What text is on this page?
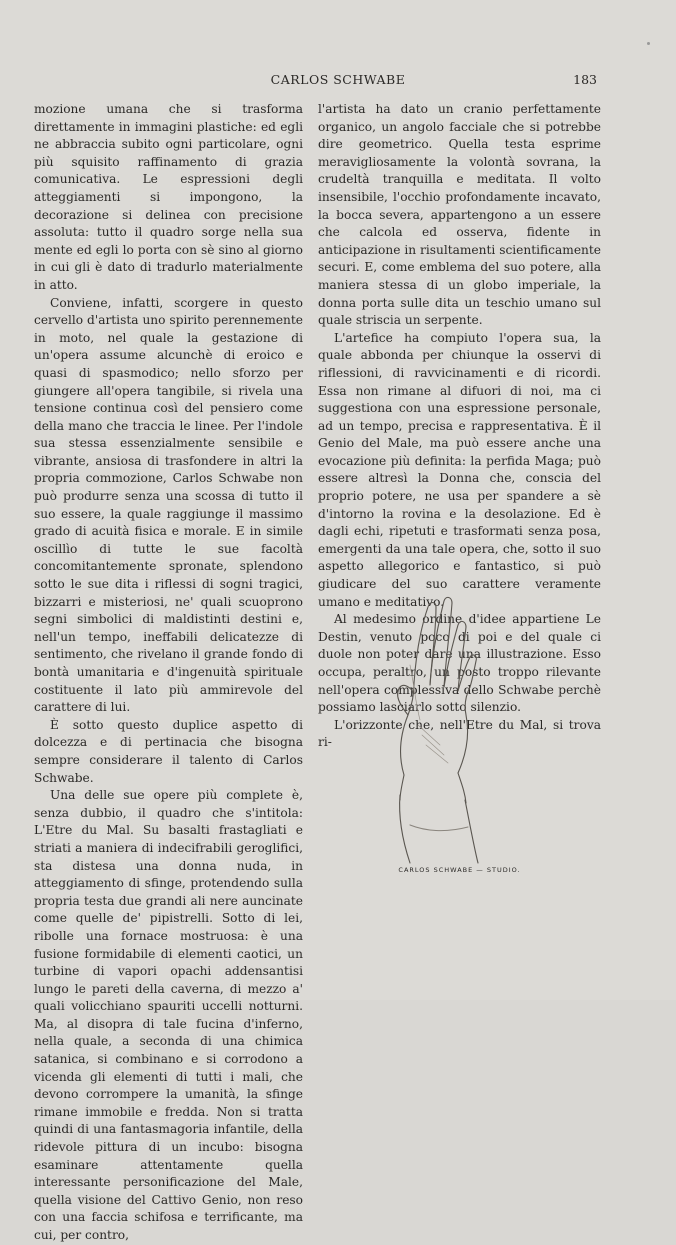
CARLOS SCHWABE	183

mozione umana che si trasforma direttamente in immagini plastiche: ed egli ne abbraccia subito ogni particolare, ogni più squisito raffinamento di grazia comunicativa. Le espressioni degli atteggiamenti si impongono, la decorazione si delinea con precisione assoluta: tutto il quadro sorge nella sua mente ed egli lo porta con sè sino al giorno in cui gli è dato di tradurlo materialmente in atto.

Conviene, infatti, scorgere in questo cervello d'artista uno spirito perennemente in moto, nel quale la gestazione di un'opera assume alcunchè di eroico e quasi di spasmodico; nello sforzo per giungere all'opera tangibile, si rivela una tensione continua così del pensiero come della mano che traccia le linee. Per l'indole sua stessa essenzialmente sensibile e vibrante, ansiosa di trasfondere in altri la propria commozione, Carlos Schwabe non può produrre senza una scossa di tutto il suo essere, la quale raggiunge il massimo grado di acuità fisica e morale. E in simile oscillìo di tutte le sue facoltà concomitantemente spronate, splendono sotto le sue dita i riflessi di sogni tragici, bizzarri e misteriosi, ne' quali scuoprono segni simbolici di maldistinti destini e, nell'un tempo, ineffabili delicatezze di sentimento, che rivelano il grande fondo di bontà umanitaria e d'ingenuità spirituale costituente il lato più ammirevole del carattere di lui.

È sotto questo duplice aspetto di dolcezza e di pertinacia che bisogna sempre considerare il talento di Carlos Schwabe.

Una delle sue opere più complete è, senza dubbio, il quadro che s'intitola: L'Etre du Mal. Su basalti frastagliati e striati a maniera di indecifrabili geroglifici, sta distesa una donna nuda, in atteggiamento di sfinge, protendendo sulla propria testa due grandi ali nere auncinate come quelle de' pipistrelli. Sotto di lei, ribolle una fornace mostruosa: è una fusione formidabile di elementi caotici, un turbine di vapori opachi addensantisi lungo le pareti della caverna, di mezzo a' quali volicchiano spauriti uccelli notturni. Ma, al disopra di tale fucina d'inferno, nella quale, a seconda di una chimica satanica, si combinano e si corrodono a vicenda gli elementi di tutti i mali, che devono corrompere la umanità, la sfinge rimane immobile e fredda. Non si tratta quindi di una fantasmagoria infantile, della ridevole pittura di un incubo: bisogna esaminare attentamente quella interessante personificazione del Male, quella visione del Cattivo Genio, non reso con una faccia schifosa e terrificante, ma cui, per contro,

l'artista ha dato un cranio perfettamente organico, un angolo facciale che si potrebbe dire geometrico. Quella testa esprime meravigliosamente la volontà sovrana, la crudeltà tranquilla e meditata. Il volto insensibile, l'occhio profondamente incavato, la bocca severa, appartengono a un essere che calcola ed osserva, fidente in anticipazione in risultamenti scientificamente securi. E, come emblema del suo potere, alla maniera stessa di un globo imperiale, la donna porta sulle dita un teschio umano sul quale striscia un serpente.

L'artefice ha compiuto l'opera sua, la quale abbonda per chiunque la osservi di riflessioni, di ravvicinamenti e di ricordi. Essa non rimane al difuori di noi, ma ci suggestiona con una espressione personale, ad un tempo, precisa e rappresentativa. È il Genio del Male, ma può essere anche una evocazione più definita: la perfida Maga; può essere altresì la Donna che, conscia del proprio potere, ne usa per spandere a sè d'intorno la rovina e la desolazione. Ed è dagli echi, ripetuti e trasformati senza posa, emergenti da una tale opera, che, sotto il suo aspetto allegorico e fantastico, si può giudicare del suo carattere veramente umano e meditativo.

Al medesimo ordine d'idee appartiene Le Destin, venuto poco di poi e del quale ci duole non poter dare una illustrazione. Esso occupa, peraltro, un posto troppo rilevante nell'opera complessiva dello Schwabe perchè possiamo lasciarlo sotto silenzio.

L'orizzonte che, nell'Etre du Mal, si trova ri-

CARLOS SCHWABE — STUDIO.
